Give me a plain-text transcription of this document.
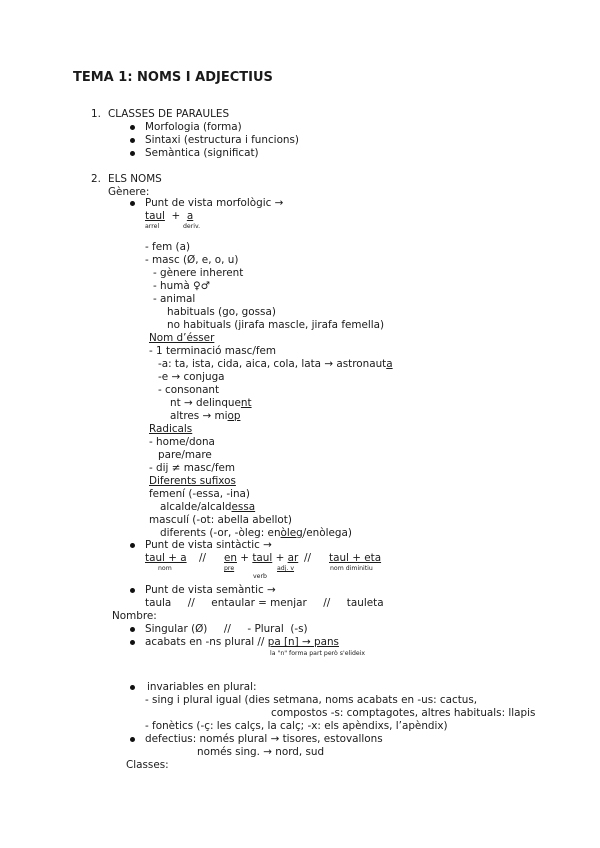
TEMA 1: NOMS I ADJECTIUS
1. CLASSES DE PARAULES
Morfologia (forma)
Sintaxi (estructura i funcions)
Semàntica (significat)
2. ELS NOMS
Gènere:
Punt de vista morfològic →
taul + a
arrel	deriv.
- fem (a)
- masc (Ø, e, o, u)
- gènere inherent
- humà ♀♂
- animal
habituals (go, gossa)
no habituals (jirafa mascle, jirafa femella)
Nom d’ésser
- 1 terminació masc/fem
-a: ta, ista, cida, aica, cola, lata → astronauta
-e → conjuga
- consonant
nt → delinquent
altres → miop
Radicals
- home/dona
pare/mare
- dij ≠ masc/fem
Diferents sufixos
femení (-essa, -ina)
alcalde/alcaldessa
masculí (-ot: abella abellot)
diferents (-or, -òleg: enòleg/enòlega)
Punt de vista sintàctic →
taul + a // en + taul + ar // taul + eta
nom	pre	adj. v	nom diminitiu
verb
Punt de vista semàntic →
taula     //     entaular = menjar     //     tauleta
Nombre:
Singular (Ø)     //     - Plural  (-s)
acabats en -ns plural // pa [n] → pans
la "n" forma part però s'elideix
invariables en plural:
- sing i plural igual (dies setmana, noms acabats en -us: cactus,
compostos -s: comptagotes, altres habituals: llapis
- fonètics (-ç: les calçs, la calç; -x: els apèndixs, l’apèndix)
defectius: només plural → tisores, estovallons
només sing. → nord, sud
Classes:
